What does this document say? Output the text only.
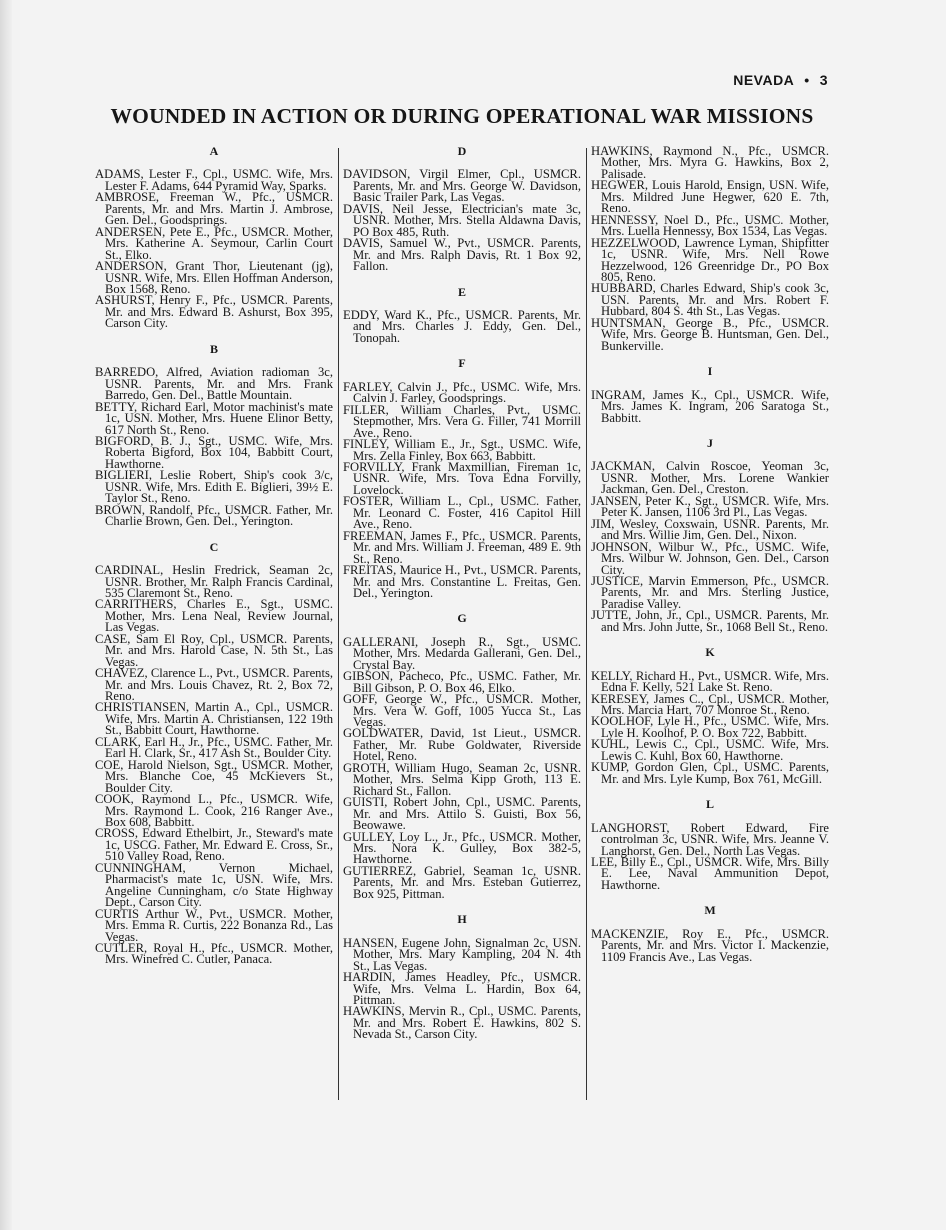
NEVADA • 3
WOUNDED IN ACTION OR DURING OPERATIONAL WAR MISSIONS

A

ADAMS, Lester F., Cpl., USMC. Wife, Mrs. Lester F. Adams, 644 Pyramid Way, Sparks.

AMBROSE, Freeman W., Pfc., USMCR. Parents, Mr. and Mrs. Martin J. Ambrose, Gen. Del., Goodsprings.

ANDERSEN, Pete E., Pfc., USMCR. Mother, Mrs. Katherine A. Seymour, Carlin Court St., Elko.

ANDERSON, Grant Thor, Lieutenant (jg), USNR. Wife, Mrs. Ellen Hoffman Anderson, Box 1568, Reno.

ASHURST, Henry F., Pfc., USMCR. Parents, Mr. and Mrs. Edward B. Ashurst, Box 395, Carson City.

B

BARREDO, Alfred, Aviation radioman 3c, USNR. Parents, Mr. and Mrs. Frank Barredo, Gen. Del., Battle Mountain.

BETTY, Richard Earl, Motor machinist's mate 1c, USN. Mother, Mrs. Huene Elinor Betty, 617 North St., Reno.

BIGFORD, B. J., Sgt., USMC. Wife, Mrs. Roberta Bigford, Box 104, Babbitt Court, Hawthorne.

BIGLIERI, Leslie Robert, Ship's cook 3/c, USNR. Wife, Mrs. Edith E. Biglieri, 39½ E. Taylor St., Reno.

BROWN, Randolf, Pfc., USMCR. Father, Mr. Charlie Brown, Gen. Del., Yerington.

C

CARDINAL, Heslin Fredrick, Seaman 2c, USNR. Brother, Mr. Ralph Francis Cardinal, 535 Claremont St., Reno.

CARRITHERS, Charles E., Sgt., USMC. Mother, Mrs. Lena Neal, Review Journal, Las Vegas.

CASE, Sam El Roy, Cpl., USMCR. Parents, Mr. and Mrs. Harold Case, N. 5th St., Las Vegas.

CHAVEZ, Clarence L., Pvt., USMCR. Parents, Mr. and Mrs. Louis Chavez, Rt. 2, Box 72, Reno.

CHRISTIANSEN, Martin A., Cpl., USMCR. Wife, Mrs. Martin A. Christiansen, 122 19th St., Babbitt Court, Hawthorne.

CLARK, Earl H., Jr., Pfc., USMC. Father, Mr. Earl H. Clark, Sr., 417 Ash St., Boulder City.

COE, Harold Nielson, Sgt., USMCR. Mother, Mrs. Blanche Coe, 45 McKievers St., Boulder City.

COOK, Raymond L., Pfc., USMCR. Wife, Mrs. Raymond L. Cook, 216 Ranger Ave., Box 608, Babbitt.

CROSS, Edward Ethelbirt, Jr., Steward's mate 1c, USCG. Father, Mr. Edward E. Cross, Sr., 510 Valley Road, Reno.

CUNNINGHAM, Vernon Michael, Pharmacist's mate 1c, USN. Wife, Mrs. Angeline Cunningham, c/o State Highway Dept., Carson City.

CURTIS Arthur W., Pvt., USMCR. Mother, Mrs. Emma R. Curtis, 222 Bonanza Rd., Las Vegas.

CUTLER, Royal H., Pfc., USMCR. Mother, Mrs. Winefred C. Cutler, Panaca.

D

DAVIDSON, Virgil Elmer, Cpl., USMCR. Parents, Mr. and Mrs. George W. Davidson, Basic Trailer Park, Las Vegas.

DAVIS, Neil Jesse, Electrician's mate 3c, USNR. Mother, Mrs. Stella Aldawna Davis, PO Box 485, Ruth.

DAVIS, Samuel W., Pvt., USMCR. Parents, Mr. and Mrs. Ralph Davis, Rt. 1 Box 92, Fallon.

E

EDDY, Ward K., Pfc., USMCR. Parents, Mr. and Mrs. Charles J. Eddy, Gen. Del., Tonopah.

F

FARLEY, Calvin J., Pfc., USMC. Wife, Mrs. Calvin J. Farley, Goodsprings.

FILLER, William Charles, Pvt., USMC. Stepmother, Mrs. Vera G. Filler, 741 Morrill Ave., Reno.

FINLEY, William E., Jr., Sgt., USMC. Wife, Mrs. Zella Finley, Box 663, Babbitt.

FORVILLY, Frank Maxmillian, Fireman 1c, USNR. Wife, Mrs. Tova Edna Forvilly, Lovelock.

FOSTER, William L., Cpl., USMC. Father, Mr. Leonard C. Foster, 416 Capitol Hill Ave., Reno.

FREEMAN, James F., Pfc., USMCR. Parents, Mr. and Mrs. William J. Freeman, 489 E. 9th St., Reno.

FREITAS, Maurice H., Pvt., USMCR. Parents, Mr. and Mrs. Constantine L. Freitas, Gen. Del., Yerington.

G

GALLERANI, Joseph R., Sgt., USMC. Mother, Mrs. Medarda Gallerani, Gen. Del., Crystal Bay.

GIBSON, Pacheco, Pfc., USMC. Father, Mr. Bill Gibson, P. O. Box 46, Elko.

GOFF, George W., Pfc., USMCR. Mother, Mrs. Vera W. Goff, 1005 Yucca St., Las Vegas.

GOLDWATER, David, 1st Lieut., USMCR. Father, Mr. Rube Goldwater, Riverside Hotel, Reno.

GROTH, William Hugo, Seaman 2c, USNR. Mother, Mrs. Selma Kipp Groth, 113 E. Richard St., Fallon.

GUISTI, Robert John, Cpl., USMC. Parents, Mr. and Mrs. Attilo S. Guisti, Box 56, Beowawe.

GULLEY, Loy L., Jr., Pfc., USMCR. Mother, Mrs. Nora K. Gulley, Box 382-5, Hawthorne.

GUTIERREZ, Gabriel, Seaman 1c, USNR. Parents, Mr. and Mrs. Esteban Gutierrez, Box 925, Pittman.

H

HANSEN, Eugene John, Signalman 2c, USN. Mother, Mrs. Mary Kampling, 204 N. 4th St., Las Vegas.

HARDIN, James Headley, Pfc., USMCR. Wife, Mrs. Velma L. Hardin, Box 64, Pittman.

HAWKINS, Mervin R., Cpl., USMC. Parents, Mr. and Mrs. Robert E. Hawkins, 802 S. Nevada St., Carson City.

HAWKINS, Raymond N., Pfc., USMCR. Mother, Mrs. Myra G. Hawkins, Box 2, Palisade.

HEGWER, Louis Harold, Ensign, USN. Wife, Mrs. Mildred June Hegwer, 620 E. 7th, Reno.

HENNESSY, Noel D., Pfc., USMC. Mother, Mrs. Luella Hennessy, Box 1534, Las Vegas.

HEZZELWOOD, Lawrence Lyman, Shipfitter 1c, USNR. Wife, Mrs. Nell Rowe Hezzelwood, 126 Greenridge Dr., PO Box 805, Reno.

HUBBARD, Charles Edward, Ship's cook 3c, USN. Parents, Mr. and Mrs. Robert F. Hubbard, 804 S. 4th St., Las Vegas.

HUNTSMAN, George B., Pfc., USMCR. Wife, Mrs. George B. Huntsman, Gen. Del., Bunkerville.

I

INGRAM, James K., Cpl., USMCR. Wife, Mrs. James K. Ingram, 206 Saratoga St., Babbitt.

J

JACKMAN, Calvin Roscoe, Yeoman 3c, USNR. Mother, Mrs. Lorene Wankier Jackman, Gen. Del., Creston.

JANSEN, Peter K., Sgt., USMCR. Wife, Mrs. Peter K. Jansen, 1106 3rd Pl., Las Vegas.

JIM, Wesley, Coxswain, USNR. Parents, Mr. and Mrs. Willie Jim, Gen. Del., Nixon.

JOHNSON, Wilbur W., Pfc., USMC. Wife, Mrs. Wilbur W. Johnson, Gen. Del., Carson City.

JUSTICE, Marvin Emmerson, Pfc., USMCR. Parents, Mr. and Mrs. Sterling Justice, Paradise Valley.

JUTTE, John, Jr., Cpl., USMCR. Parents, Mr. and Mrs. John Jutte, Sr., 1068 Bell St., Reno.

K

KELLY, Richard H., Pvt., USMCR. Wife, Mrs. Edna F. Kelly, 521 Lake St. Reno.

KERESEY, James C., Cpl., USMCR. Mother, Mrs. Marcia Hart, 707 Monroe St., Reno.

KOOLHOF, Lyle H., Pfc., USMC. Wife, Mrs. Lyle H. Koolhof, P. O. Box 722, Babbitt.

KUHL, Lewis C., Cpl., USMC. Wife, Mrs. Lewis C. Kuhl, Box 60, Hawthorne.

KUMP, Gordon Glen, Cpl., USMC. Parents, Mr. and Mrs. Lyle Kump, Box 761, McGill.

L

LANGHORST, Robert Edward, Fire controlman 3c, USNR. Wife, Mrs. Jeanne V. Langhorst, Gen. Del., North Las Vegas.

LEE, Billy E., Cpl., USMCR. Wife, Mrs. Billy E. Lee, Naval Ammunition Depot, Hawthorne.

M

MACKENZIE, Roy E., Pfc., USMCR. Parents, Mr. and Mrs. Victor I. Mackenzie, 1109 Francis Ave., Las Vegas.
